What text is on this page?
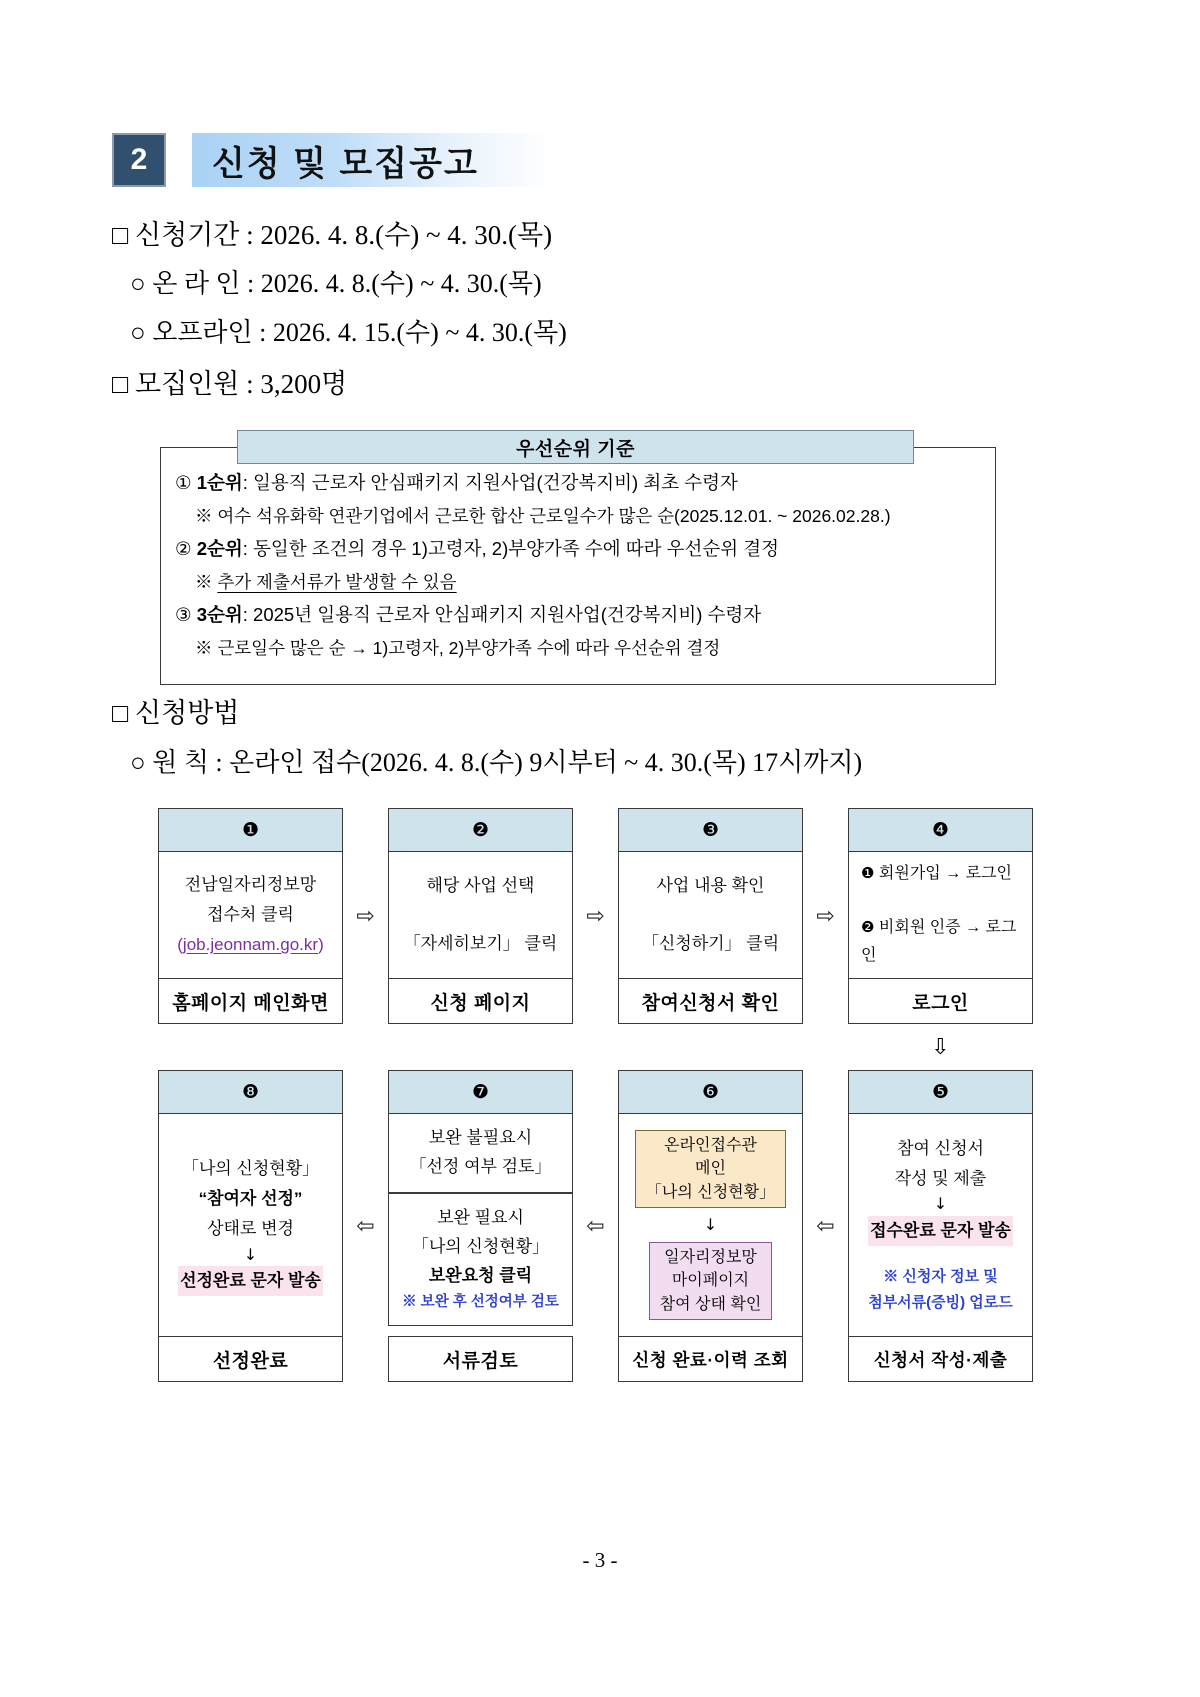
2	신청 및 모집공고
□ 신청기간 : 2026. 4. 8.(수) ~ 4. 30.(목)
○ 온 라 인 : 2026. 4. 8.(수) ~ 4. 30.(목)
○ 오프라인 : 2026. 4. 15.(수) ~ 4. 30.(목)
□ 모집인원 : 3,200명
우선순위 기준
① 1순위: 일용직 근로자 안심패키지 지원사업(건강복지비) 최초 수령자
※ 여수 석유화학 연관기업에서 근로한 합산 근로일수가 많은 순(2025.12.01. ~ 2026.02.28.)
② 2순위: 동일한 조건의 경우 1)고령자, 2)부양가족 수에 따라 우선순위 결정
※ 추가 제출서류가 발생할 수 있음
③ 3순위: 2025년 일용직 근로자 안심패키지 지원사업(건강복지비) 수령자
※ 근로일수 많은 순 → 1)고령자, 2)부양가족 수에 따라 우선순위 결정
□ 신청방법
○ 원 칙 : 온라인 접수(2026. 4. 8.(수) 9시부터 ~ 4. 30.(목) 17시까지)
❶
전남일자리정보망
접수처 클릭
(job.jeonnam.go.kr)
홈페이지 메인화면
⇨
❷
해당 사업 선택
「자세히보기」 클릭
신청 페이지
⇨
❸
사업 내용 확인
「신청하기」 클릭
참여신청서 확인
⇨
❹
❶ 회원가입 → 로그인
❷ 비회원 인증 → 로그인
로그인
⇩
❽
「나의 신청현황」
“참여자 선정”
상태로 변경
↓
선정완료 문자 발송
선정완료
⇦
❼
보완 불필요시
「선정 여부 검토」
보완 필요시
「나의 신청현황」
보완요청 클릭
※ 보완 후 선정여부 검토
서류검토
⇦
❻
온라인접수관
메인
「나의 신청현황」
↓
일자리정보망
마이페이지
참여 상태 확인
신청 완료·이력 조회
⇦
❺
참여 신청서
작성 및 제출
↓
접수완료 문자 발송
※ 신청자 정보 및
첨부서류(증빙) 업로드
신청서 작성·제출
- 3 -
